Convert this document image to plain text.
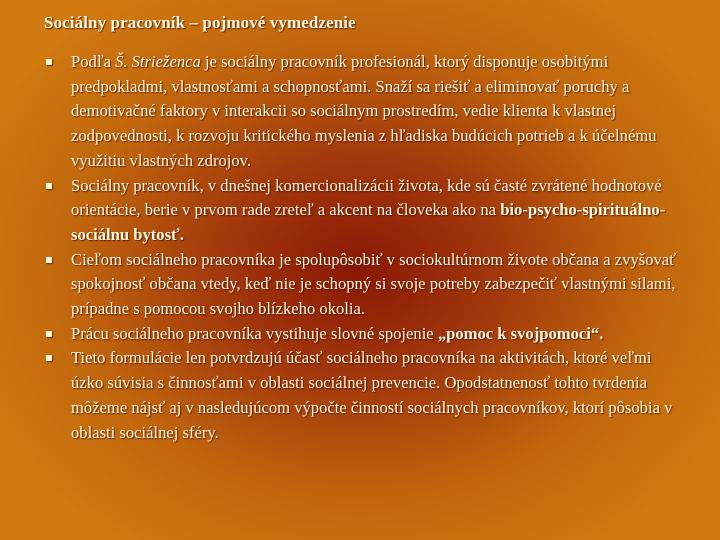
Sociálny pracovník – pojmové vymedzenie
Podľa Š. Strieženca je sociálny pracovník profesionál, ktorý disponuje osobitými predpokladmi, vlastnosťami a schopnosťami. Snaží sa riešiť a eliminovať poruchy a demotivačné faktory v interakcii so sociálnym prostredím, vedie klienta k vlastnej zodpovednosti, k rozvoju kritického myslenia z hľadiska budúcich potrieb a k účelnému využitiu vlastných zdrojov.
Sociálny pracovník, v dnešnej komercionalizácii života, kde sú časté zvrátené hodnotové orientácie, berie v prvom rade zreteľ a akcent na človeka ako na bio-psycho-spirituálno-sociálnu bytosť.
Cieľom sociálneho pracovníka je spolupôsobiť v sociokultúrnom živote občana a zvyšovať spokojnosť občana vtedy, keď nie je schopný si svoje potreby zabezpečiť vlastnými silami, prípadne s pomocou svojho blízkeho okolia.
Prácu sociálneho pracovníka vystihuje slovné spojenie „pomoc k svojpomoci“.
Tieto formulácie len potvrdzujú účasť sociálneho pracovníka na aktivitách, ktoré veľmi úzko súvisia s činnosťami v oblasti sociálnej prevencie. Opodstatnenosť tohto tvrdenia môžeme nájsť aj v nasledujúcom výpočte činností sociálnych pracovníkov, ktorí pôsobia v oblasti sociálnej sféry.
